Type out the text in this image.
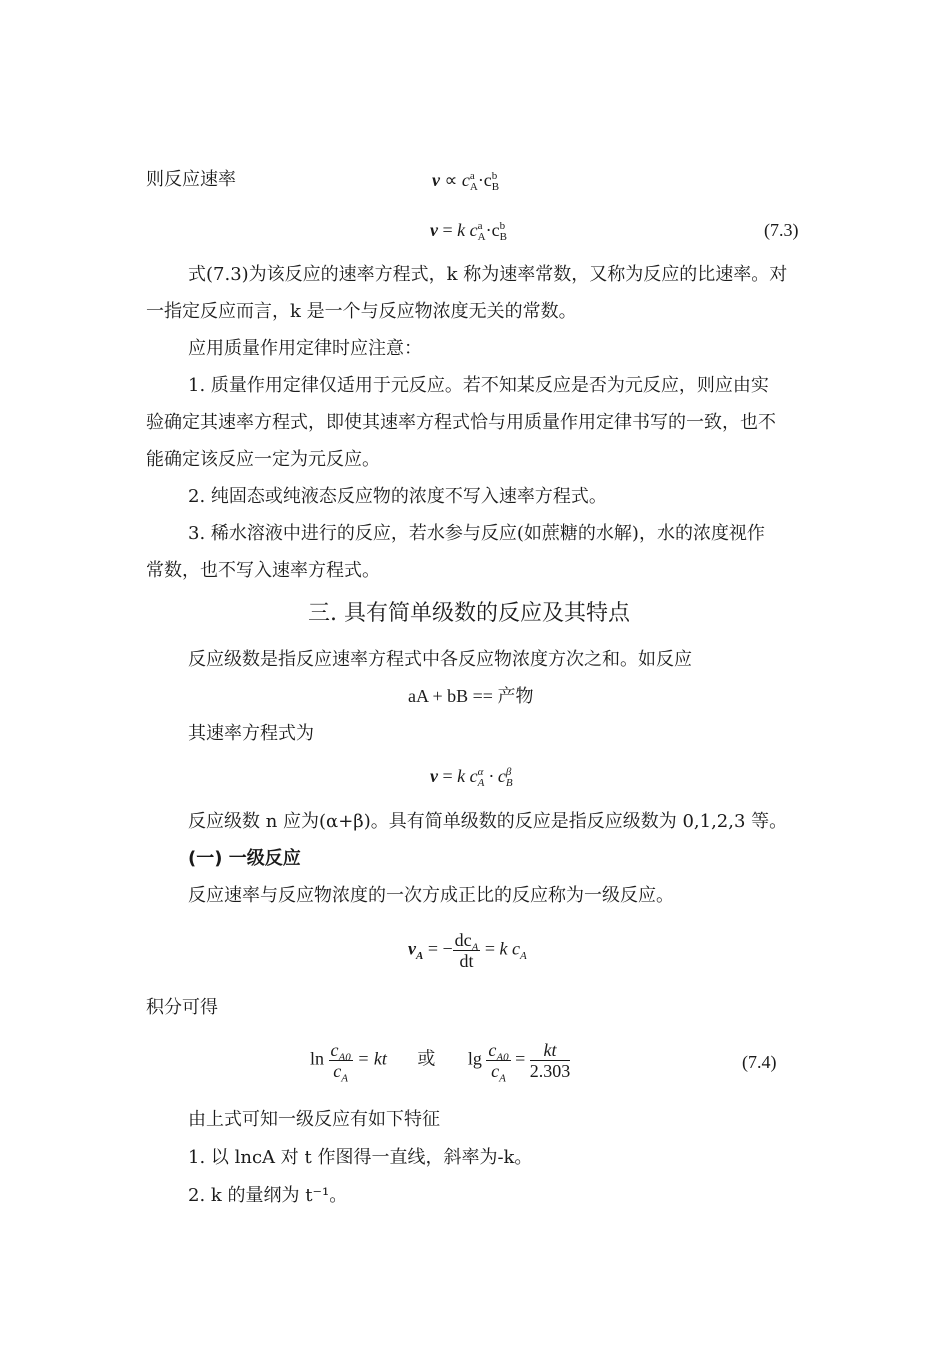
则反应速率	v ∝ c a
A ·c b
B
v = k c a
A ·c b
B	(7.3)
式(7.3)为该反应的速率方程式，k 称为速率常数，又称为反应的比速率。对
一指定反应而言，k 是一个与反应物浓度无关的常数。
应用质量作用定律时应注意：
1. 质量作用定律仅适用于元反应。若不知某反应是否为元反应，则应由实
验确定其速率方程式，即使其速率方程式恰与用质量作用定律书写的一致，也不
能确定该反应一定为元反应。
2. 纯固态或纯液态反应物的浓度不写入速率方程式。
3. 稀水溶液中进行的反应，若水参与反应(如蔗糖的水解)，水的浓度视作
常数，也不写入速率方程式。
三. 具有简单级数的反应及其特点
反应级数是指反应速率方程式中各反应物浓度方次之和。如反应
aA + bB == 产物
其速率方程式为
v = k c α
A · c β
B
反应级数 n 应为(α+β)。具有简单级数的反应是指反应级数为 0,1,2,3 等。
(一) 一级反应
反应速率与反应物浓度的一次方成正比的反应称为一级反应。
$v_A$ = − $\frac{dc_A}{dt} = k$ $c_A$
积分可得
$\ln \frac{c_{A0}}{c_A}$ = kt 或 $\lg \frac{c_{A0}}{c_A} = \frac{kt}{2.303}$	(7.4)
由上式可知一级反应有如下特征
1. 以 lncA 对 t 作图得一直线，斜率为-k。
2. k 的量纲为 t⁻¹。
